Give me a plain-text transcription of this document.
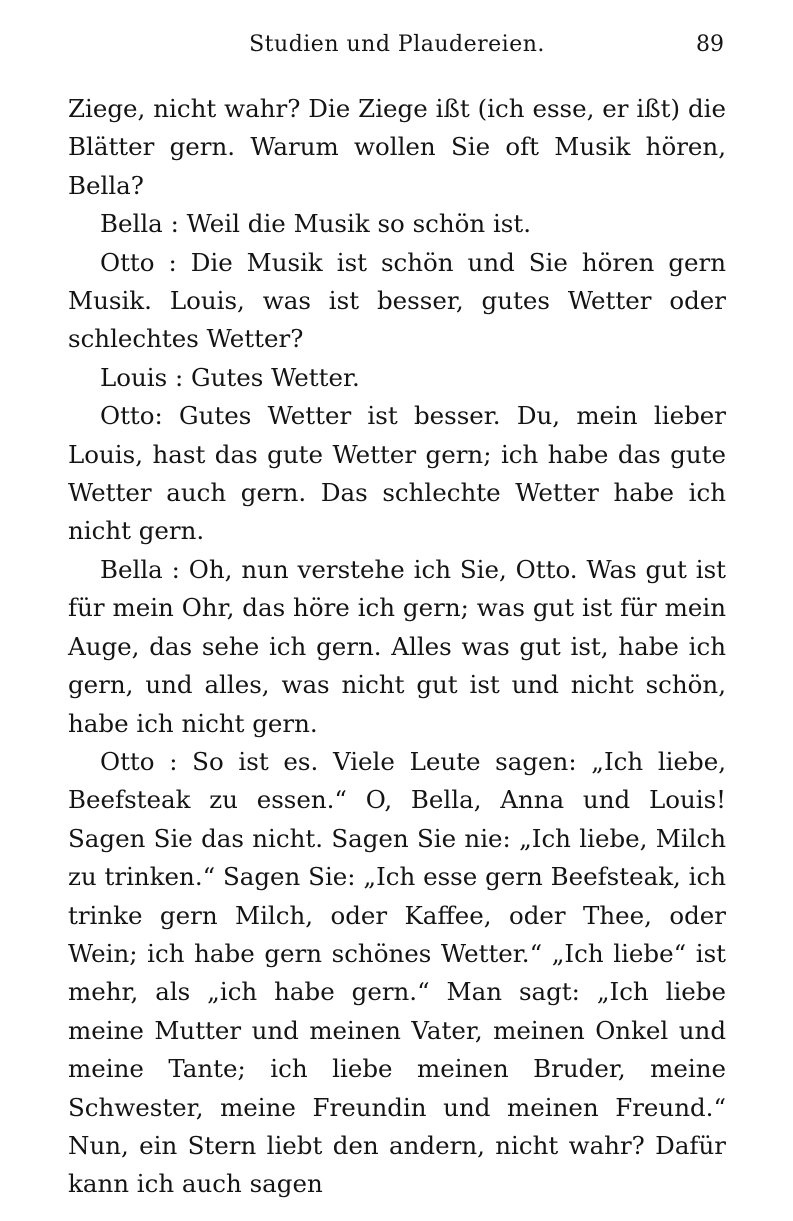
Studien und Plaudereien.	89

Ziege, nicht wahr? Die Ziege ißt (ich esse, er ißt) die Blätter gern. Warum wollen Sie oft Musik hören, Bella?

Bella : Weil die Musik so schön ist.

Otto : Die Musik ist schön und Sie hören gern Musik. Louis, was ist besser, gutes Wetter oder schlechtes Wetter?

Louis : Gutes Wetter.

Otto: Gutes Wetter ist besser. Du, mein lieber Louis, hast das gute Wetter gern; ich habe das gute Wetter auch gern. Das schlechte Wetter habe ich nicht gern.

Bella : Oh, nun verstehe ich Sie, Otto. Was gut ist für mein Ohr, das höre ich gern; was gut ist für mein Auge, das sehe ich gern. Alles was gut ist, habe ich gern, und alles, was nicht gut ist und nicht schön, habe ich nicht gern.

Otto : So ist es. Viele Leute sagen: „Ich liebe, Beefsteak zu essen.“ O, Bella, Anna und Louis! Sagen Sie das nicht. Sagen Sie nie: „Ich liebe, Milch zu trinken.“ Sagen Sie: „Ich esse gern Beefsteak, ich trinke gern Milch, oder Kaffee, oder Thee, oder Wein; ich habe gern schönes Wetter.“ „Ich liebe“ ist mehr, als „ich habe gern.“ Man sagt: „Ich liebe meine Mutter und meinen Vater, meinen Onkel und meine Tante; ich liebe meinen Bruder, meine Schwester, meine Freundin und meinen Freund.“ Nun, ein Stern liebt den andern, nicht wahr? Dafür kann ich auch sagen
